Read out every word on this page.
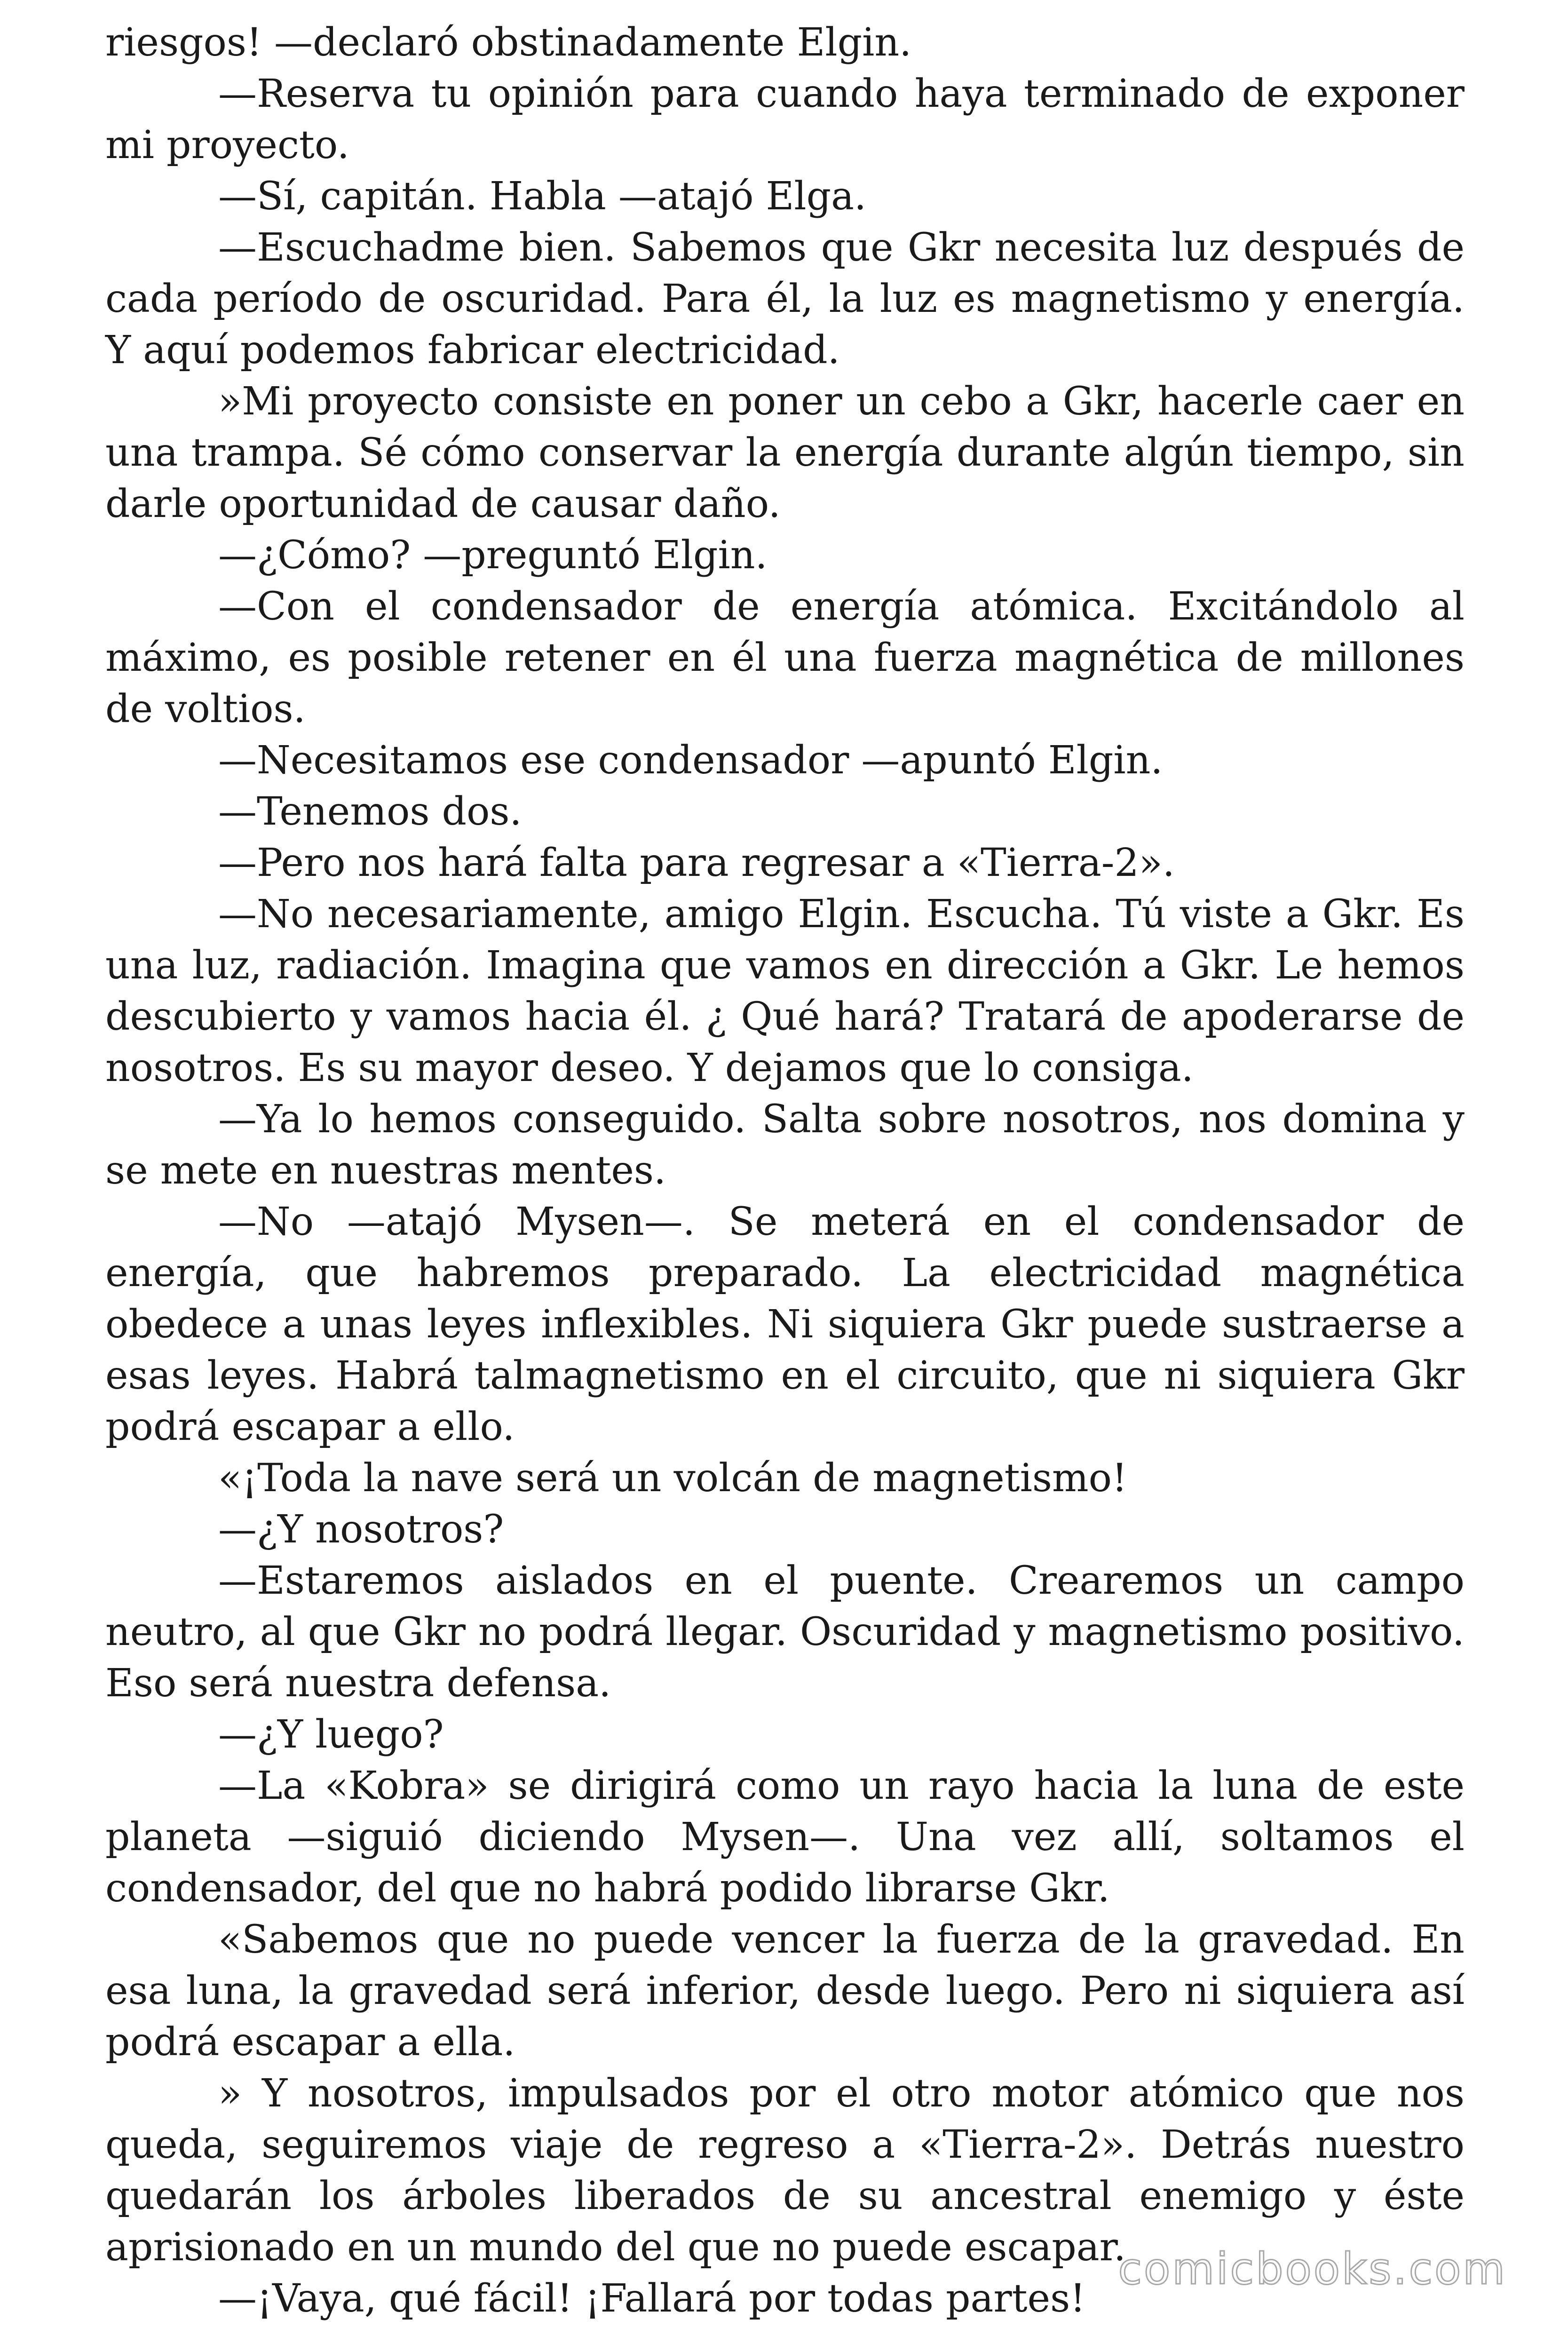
riesgos! —declaró obstinadamente Elgin.

—Reserva tu opinión para cuando haya terminado de exponer mi proyecto.

—Sí, capitán. Habla —atajó Elga.

—Escuchadme bien. Sabemos que Gkr necesita luz después de cada período de oscuridad. Para él, la luz es magnetismo y energía. Y aquí podemos fabricar electricidad.

»Mi proyecto consiste en poner un cebo a Gkr, hacerle caer en una trampa. Sé cómo conservar la energía durante algún tiempo, sin darle oportunidad de causar daño.

—¿Cómo? —preguntó Elgin.

—Con el condensador de energía atómica. Excitándolo al máximo, es posible retener en él una fuerza magnética de millones de voltios.

—Necesitamos ese condensador —apuntó Elgin.

—Tenemos dos.

—Pero nos hará falta para regresar a «Tierra-2».

—No necesariamente, amigo Elgin. Escucha. Tú viste a Gkr. Es una luz, radiación. Imagina que vamos en dirección a Gkr. Le hemos descubierto y vamos hacia él. ¿ Qué hará? Tratará de apoderarse de nosotros. Es su mayor deseo. Y dejamos que lo consiga.

—Ya lo hemos conseguido. Salta sobre nosotros, nos domina y se mete en nuestras mentes.

—No —atajó Mysen—. Se meterá en el condensador de energía, que habremos preparado. La electricidad magnética obedece a unas leyes inflexibles. Ni siquiera Gkr puede sustraerse a esas leyes. Habrá talmagnetismo en el circuito, que ni siquiera Gkr podrá escapar a ello.

«¡Toda la nave será un volcán de magnetismo!

—¿Y nosotros?

—Estaremos aislados en el puente. Crearemos un campo neutro, al que Gkr no podrá llegar. Oscuridad y magnetismo positivo. Eso será nuestra defensa.

—¿Y luego?

—La «Kobra» se dirigirá como un rayo hacia la luna de este planeta —siguió diciendo Mysen—. Una vez allí, soltamos el condensador, del que no habrá podido librarse Gkr.

«Sabemos que no puede vencer la fuerza de la gravedad. En esa luna, la gravedad será inferior, desde luego. Pero ni siquiera así podrá escapar a ella.

» Y nosotros, impulsados por el otro motor atómico que nos queda, seguiremos viaje de regreso a «Tierra-2». Detrás nuestro quedarán los árboles liberados de su ancestral enemigo y éste aprisionado en un mundo del que no puede escapar.

—¡Vaya, qué fácil! ¡Fallará por todas partes!

comicbooks.com
